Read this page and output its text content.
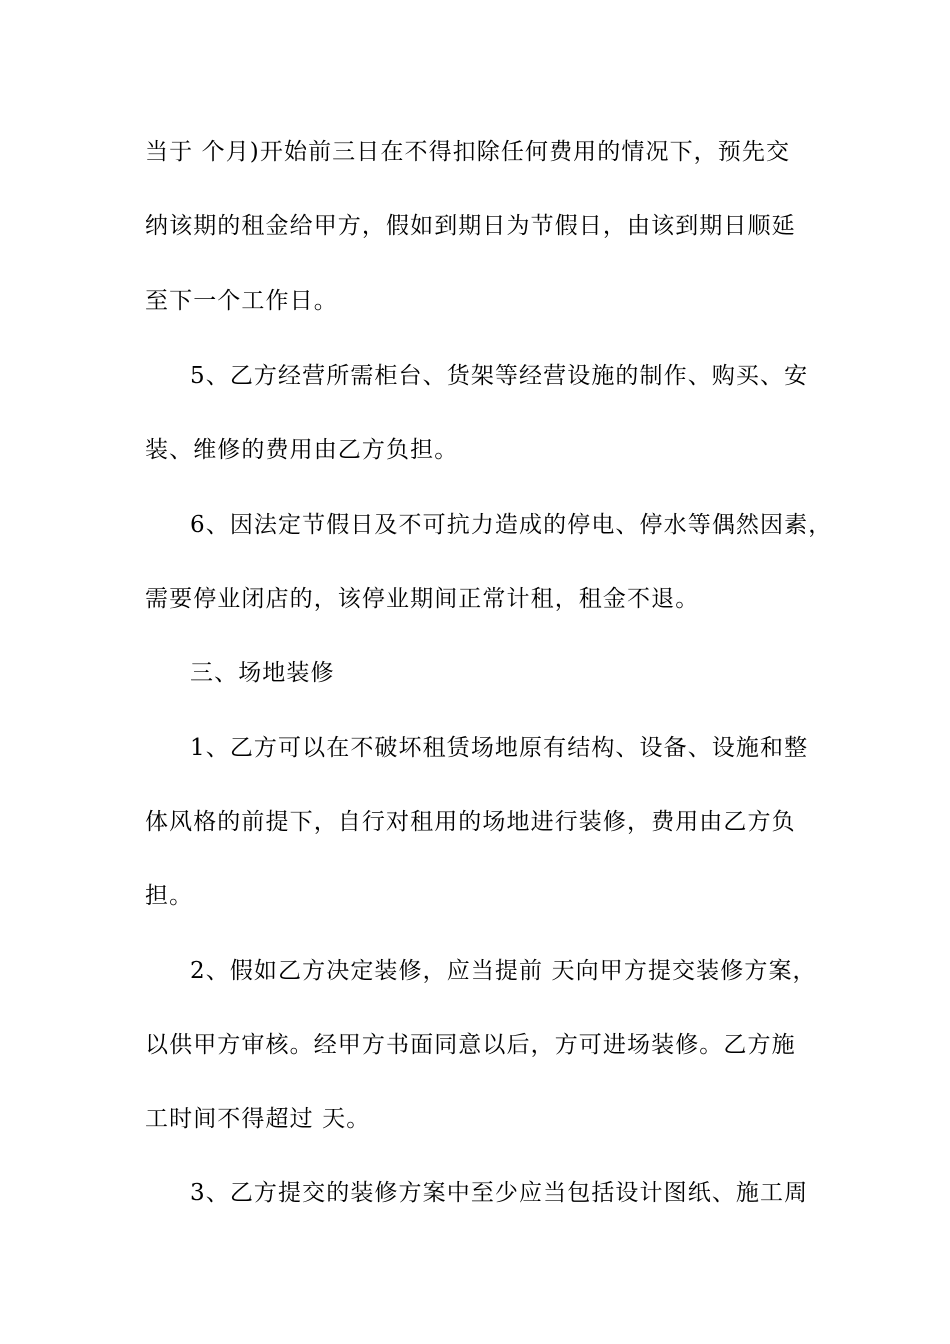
当于 个月)开始前三日在不得扣除任何费用的情况下，预先交
纳该期的租金给甲方，假如到期日为节假日，由该到期日顺延
至下一个工作日。
5、乙方经营所需柜台、货架等经营设施的制作、购买、安
装、维修的费用由乙方负担。
6、因法定节假日及不可抗力造成的停电、停水等偶然因素，
需要停业闭店的，该停业期间正常计租，租金不退。
三、场地装修
1、乙方可以在不破坏租赁场地原有结构、设备、设施和整
体风格的前提下，自行对租用的场地进行装修，费用由乙方负
担。
2、假如乙方决定装修，应当提前 天向甲方提交装修方案，
以供甲方审核。经甲方书面同意以后，方可进场装修。乙方施
工时间不得超过 天。
3、乙方提交的装修方案中至少应当包括设计图纸、施工周
